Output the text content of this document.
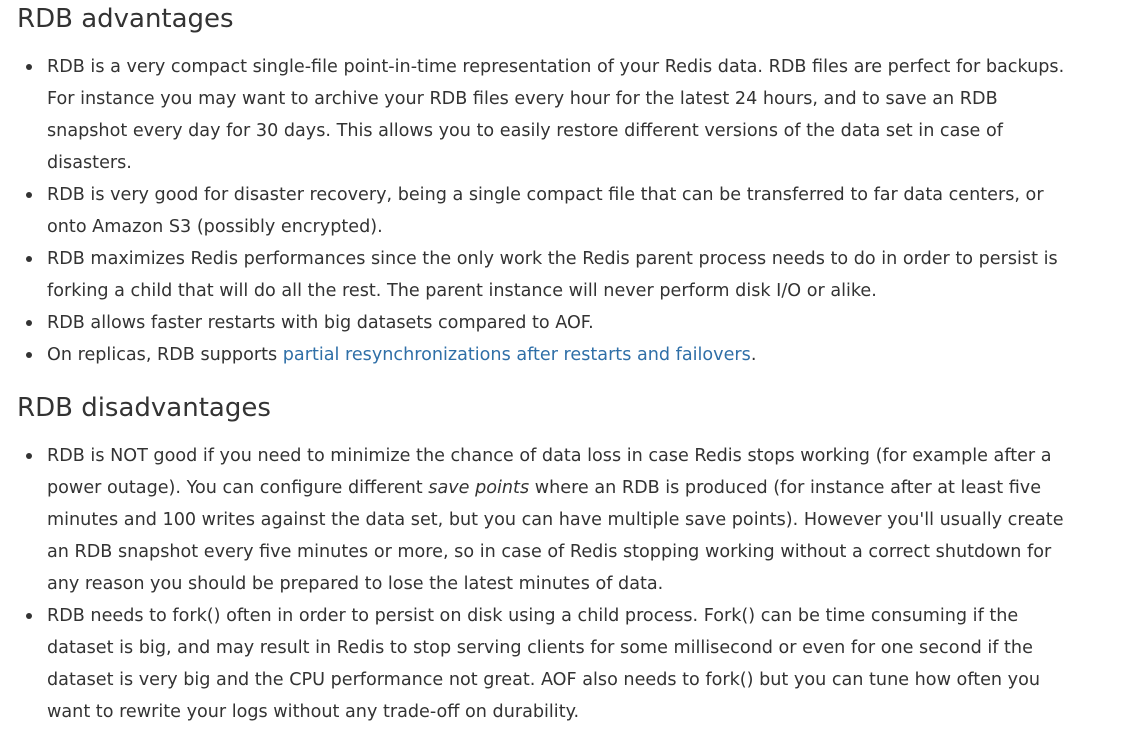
RDB advantages
RDB is a very compact single-file point-in-time representation of your Redis data. RDB files are perfect for backups.
For instance you may want to archive your RDB files every hour for the latest 24 hours, and to save an RDB
snapshot every day for 30 days. This allows you to easily restore different versions of the data set in case of
disasters.
RDB is very good for disaster recovery, being a single compact file that can be transferred to far data centers, or
onto Amazon S3 (possibly encrypted).
RDB maximizes Redis performances since the only work the Redis parent process needs to do in order to persist is
forking a child that will do all the rest. The parent instance will never perform disk I/O or alike.
RDB allows faster restarts with big datasets compared to AOF.
On replicas, RDB supports partial resynchronizations after restarts and failovers.
RDB disadvantages
RDB is NOT good if you need to minimize the chance of data loss in case Redis stops working (for example after a
power outage). You can configure different save points where an RDB is produced (for instance after at least five
minutes and 100 writes against the data set, but you can have multiple save points). However you'll usually create
an RDB snapshot every five minutes or more, so in case of Redis stopping working without a correct shutdown for
any reason you should be prepared to lose the latest minutes of data.
RDB needs to fork() often in order to persist on disk using a child process. Fork() can be time consuming if the
dataset is big, and may result in Redis to stop serving clients for some millisecond or even for one second if the
dataset is very big and the CPU performance not great. AOF also needs to fork() but you can tune how often you
want to rewrite your logs without any trade-off on durability.
